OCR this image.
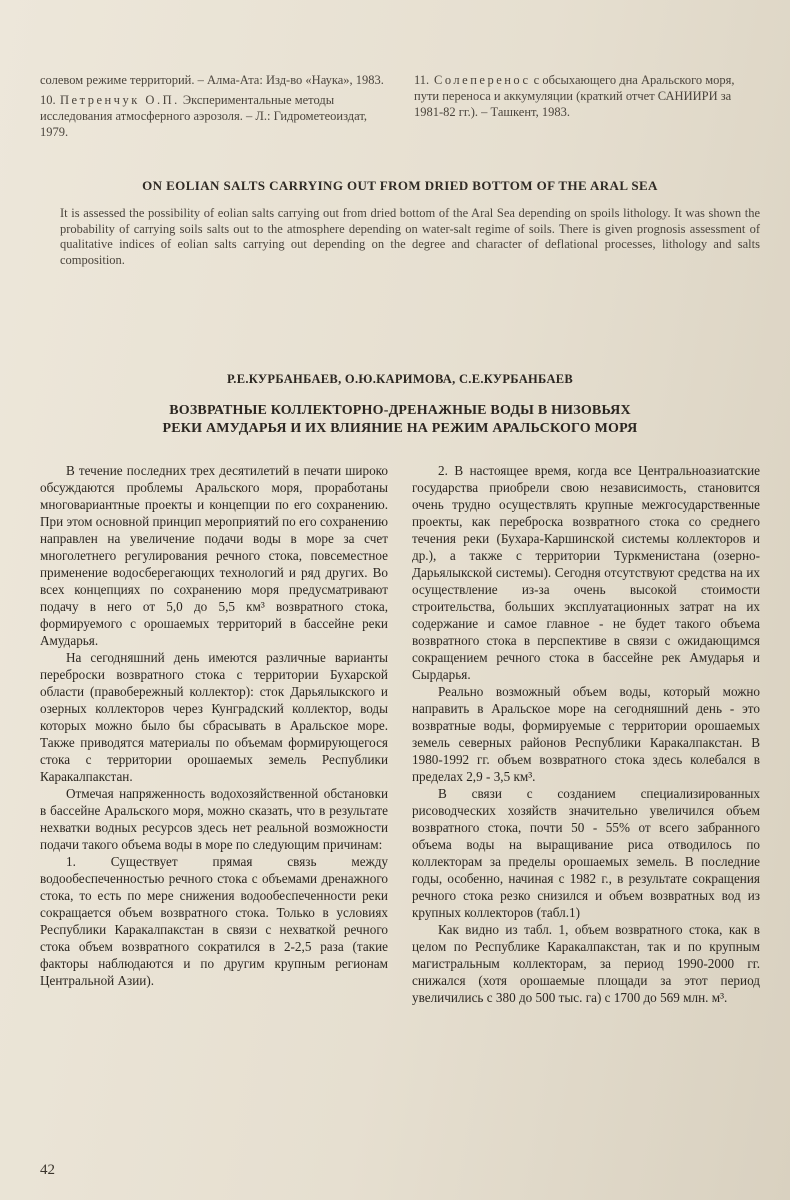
солевом режиме территорий. – Алма-Ата: Изд-во «Наука», 1983.

10. Петренчук О.П. Экспериментальные методы исследования атмосферного аэрозоля. – Л.: Гидрометеоиздат, 1979.

11. Солеперенос с обсыхающего дна Аральского моря, пути переноса и аккумуляции (краткий отчет САНИИРИ за 1981-82 гг.). – Ташкент, 1983.

ON EOLIAN SALTS CARRYING OUT FROM DRIED BOTTOM OF THE ARAL SEA

It is assessed the possibility of eolian salts carrying out from dried bottom of the Aral Sea depending on spoils lithology. It was shown the probability of carrying soils salts out to the atmosphere depending on water-salt regime of soils. There is given prognosis assessment of qualitative indices of eolian salts carrying out depending on the degree and character of deflational processes, lithology and salts composition.

Р.Е.КУРБАНБАЕВ, О.Ю.КАРИМОВА, С.Е.КУРБАНБАЕВ
ВОЗВРАТНЫЕ КОЛЛЕКТОРНО-ДРЕНАЖНЫЕ ВОДЫ В НИЗОВЬЯХ
РЕКИ АМУДАРЬЯ И ИХ ВЛИЯНИЕ НА РЕЖИМ АРАЛЬСКОГО МОРЯ

В течение последних трех десятилетий в печати широко обсуждаются проблемы Аральского моря, проработаны многовариантные проекты и концепции по его сохранению. При этом основной принцип мероприятий по его сохранению направлен на увеличение подачи воды в море за счет многолетнего регулирования речного стока, повсеместное применение водосберегающих технологий и ряд других. Во всех концепциях по сохранению моря предусматривают подачу в него от 5,0 до 5,5 км³ возвратного стока, формируемого с орошаемых территорий в бассейне реки Амударья.

На сегодняшний день имеются различные варианты переброски возвратного стока с территории Бухарской области (правобережный коллектор): сток Дарьялыкского и озерных коллекторов через Кунградский коллектор, воды которых можно было бы сбрасывать в Аральское море. Также приводятся материалы по объемам формирующегося стока с территории орошаемых земель Республики Каракалпакстан.

Отмечая напряженность водохозяйственной обстановки в бассейне Аральского моря, можно сказать, что в результате нехватки водных ресурсов здесь нет реальной возможности подачи такого объема воды в море по следующим причинам:

1. Существует прямая связь между водообеспеченностью речного стока с объемами дренажного стока, то есть по мере снижения водообеспеченности реки сокращается объем возвратного стока. Только в условиях Республики Каракалпакстан в связи с нехваткой речного стока объем возвратного сократился в 2-2,5 раза (такие факторы наблюдаются и по другим крупным регионам Центральной Азии).

2. В настоящее время, когда все Центральноазиатские государства приобрели свою независимость, становится очень трудно осуществлять крупные межгосударственные проекты, как переброска возвратного стока со среднего течения реки (Бухара-Каршинской системы коллекторов и др.), а также с территории Туркменистана (озерно-Дарьялыкской системы). Сегодня отсутствуют средства на их осуществление из-за очень высокой стоимости строительства, больших эксплуатационных затрат на их содержание и самое главное - не будет такого объема возвратного стока в перспективе в связи с ожидающимся сокращением речного стока в бассейне рек Амударья и Сырдарья.

Реально возможный объем воды, который можно направить в Аральское море на сегодняшний день - это возвратные воды, формируемые с территории орошаемых земель северных районов Республики Каракалпакстан. В 1980-1992 гг. объем возвратного стока здесь колебался в пределах 2,9 - 3,5 км³.

В связи с созданием специализированных рисоводческих хозяйств значительно увеличился объем возвратного стока, почти 50 - 55% от всего забранного объема воды на выращивание риса отводилось по коллекторам за пределы орошаемых земель. В последние годы, особенно, начиная с 1982 г., в результате сокращения речного стока резко снизился и объем возвратных вод из крупных коллекторов (табл.1)

Как видно из табл. 1, объем возвратного стока, как в целом по Республике Каракалпакстан, так и по крупным магистральным коллекторам, за период 1990-2000 гг. снижался (хотя орошаемые площади за этот период увеличились с 380 до 500 тыс. га) с 1700 до 569 млн. м³.

42
